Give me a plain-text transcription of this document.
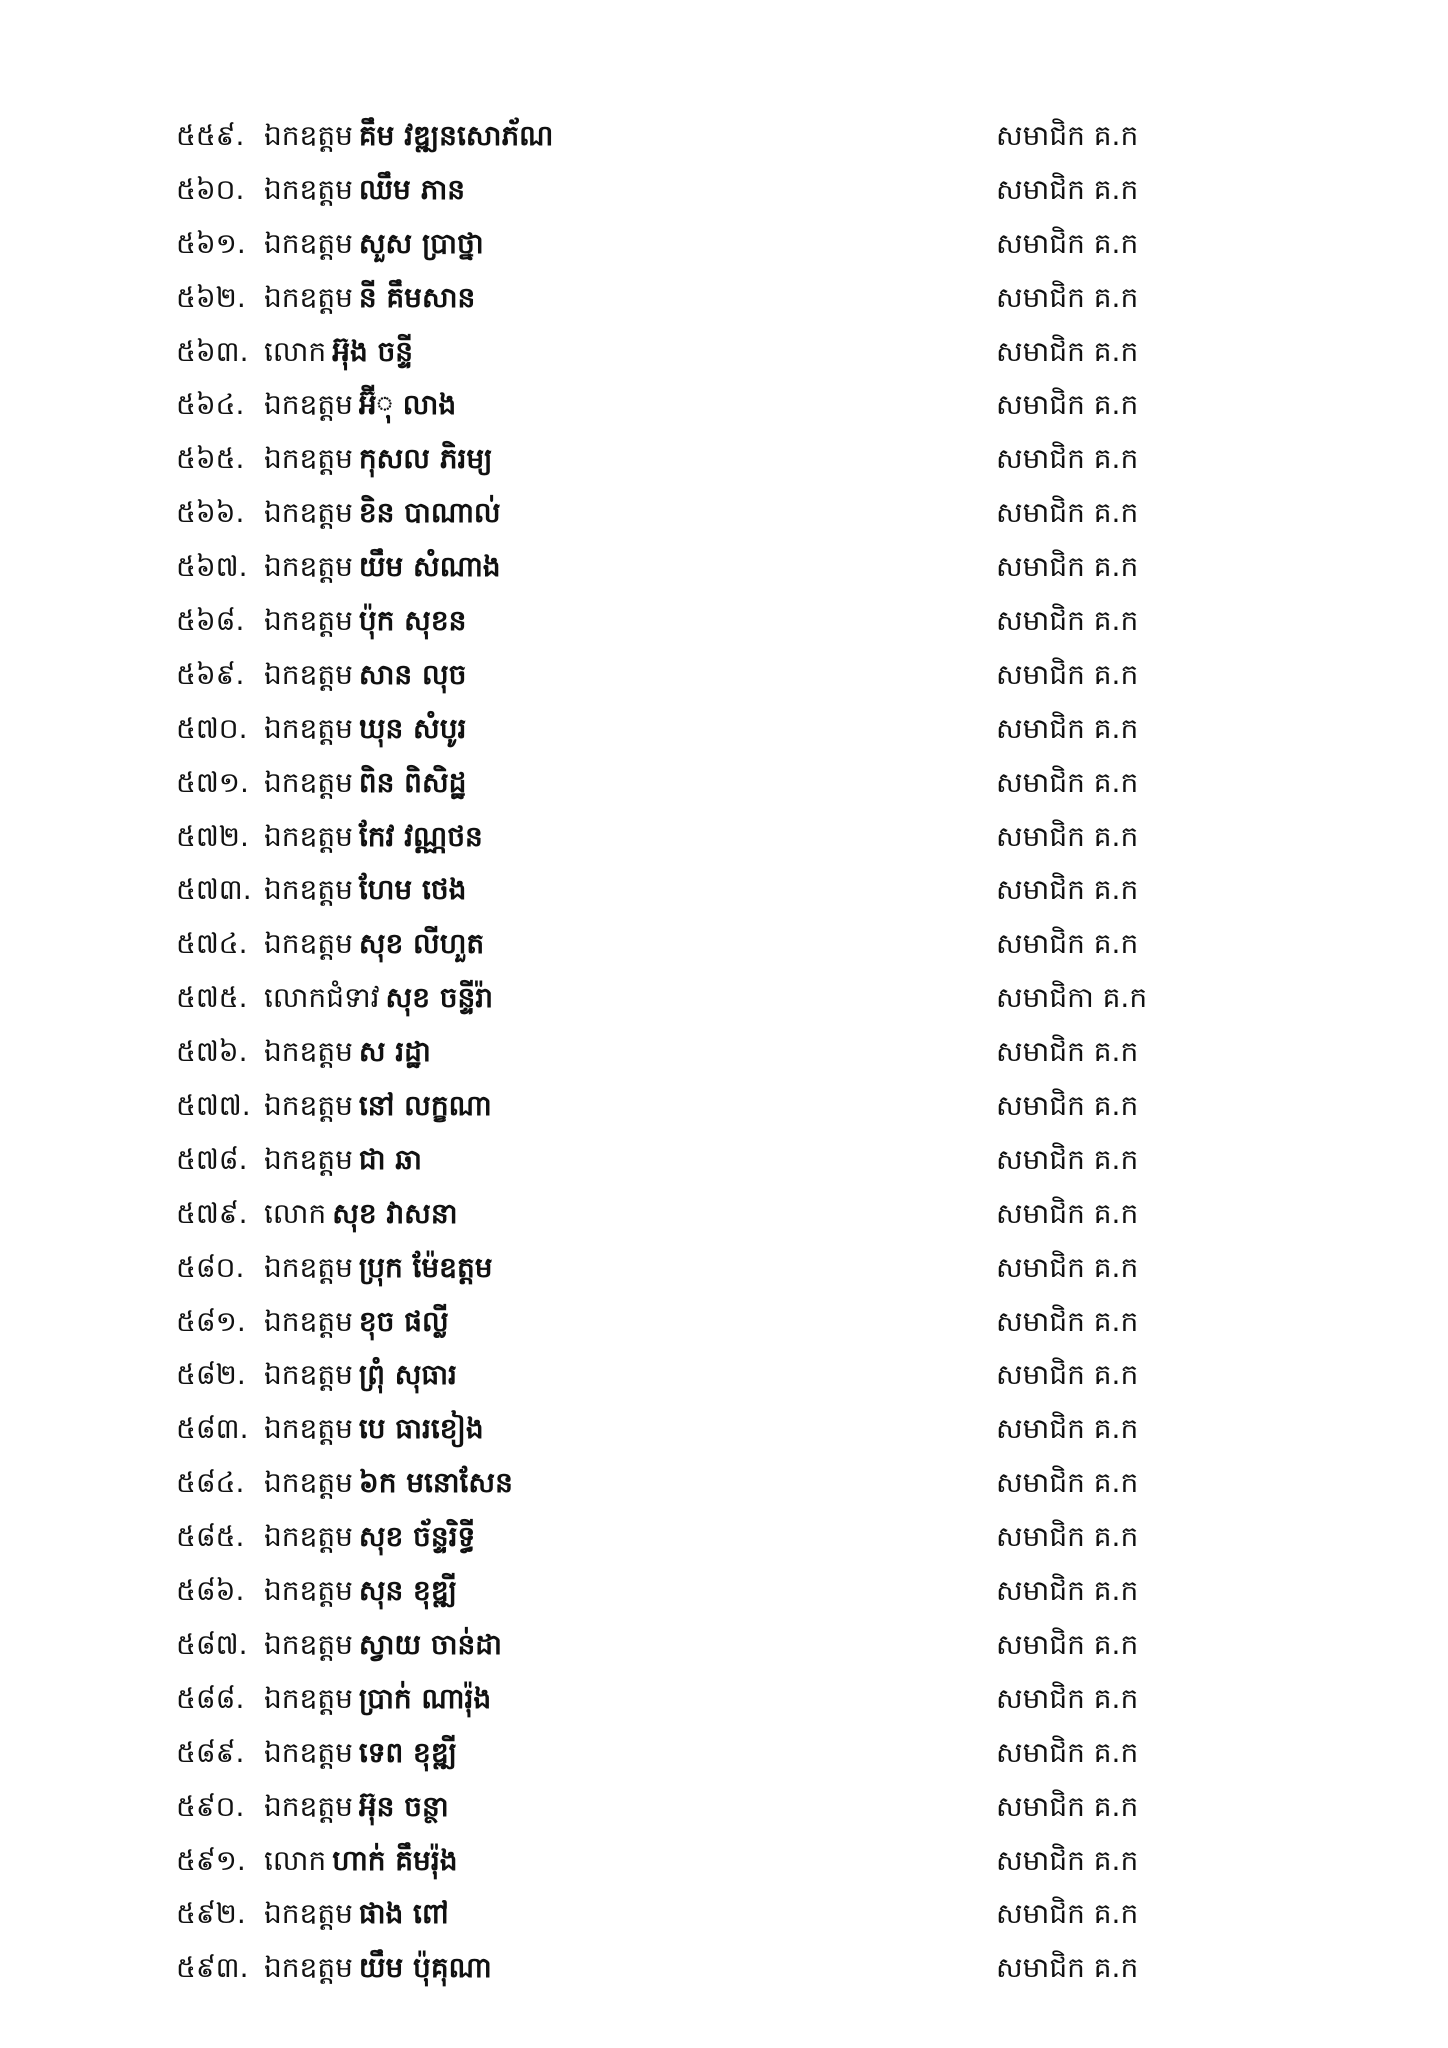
៥៥៩. ឯកឧត្តម គឹម វឌ្ឍនសោភ័ណ	សមាជិក គ.ក
៥៦០. ឯកឧត្តម ឈឹម ភាន	សមាជិក គ.ក
៥៦១. ឯកឧត្តម សួស ប្រាថ្នា	សមាជិក គ.ក
៥៦២. ឯកឧត្តម នី គឹមសាន	សមាជិក គ.ក
៥៦៣. លោក អ៊ុង ចន្ទី	សមាជិក គ.ក
៥៦៤. ឯកឧត្តម អ៊ីុ លាង	សមាជិក គ.ក
៥៦៥. ឯកឧត្តម កុសល ភិរម្យ	សមាជិក គ.ក
៥៦៦. ឯកឧត្តម ខិន បាណាល់	សមាជិក គ.ក
៥៦៧. ឯកឧត្តម យឹម សំណាង	សមាជិក គ.ក
៥៦៨. ឯកឧត្តម ប៉ុក សុខន	សមាជិក គ.ក
៥៦៩. ឯកឧត្តម សាន លុច	សមាជិក គ.ក
៥៧០. ឯកឧត្តម ឃុន សំបូរ	សមាជិក គ.ក
៥៧១. ឯកឧត្តម ពិន ពិសិដ្ឋ	សមាជិក គ.ក
៥៧២. ឯកឧត្តម កែវ វណ្ណថន	សមាជិក គ.ក
៥៧៣. ឯកឧត្តម ហែម ថេង	សមាជិក គ.ក
៥៧៤. ឯកឧត្តម សុខ លីហួត	សមាជិក គ.ក
៥៧៥. លោកជំទាវ សុខ ចន្ទីរ៉ា	សមាជិកា គ.ក
៥៧៦. ឯកឧត្តម ស រដ្ឋា	សមាជិក គ.ក
៥៧៧. ឯកឧត្តម នៅ លក្ខណា	សមាជិក គ.ក
៥៧៨. ឯកឧត្តម ជា ឆា	សមាជិក គ.ក
៥៧៩. លោក សុខ វាសនា	សមាជិក គ.ក
៥៨០. ឯកឧត្តម ប្រុក ម៉ែឧត្តម	សមាជិក គ.ក
៥៨១. ឯកឧត្តម ខុច ផល្លី	សមាជិក គ.ក
៥៨២. ឯកឧត្តម ព្រុំ សុធារ	សមាជិក គ.ក
៥៨៣. ឯកឧត្តម បេ ធារខៀង	សមាជិក គ.ក
៥៨៤. ឯកឧត្តម ៦ក មនោសែន	សមាជិក គ.ក
៥៨៥. ឯកឧត្តម សុខ ច័ន្ទរិទ្ធី	សមាជិក គ.ក
៥៨៦. ឯកឧត្តម សុន ខុឌ្ឍី	សមាជិក គ.ក
៥៨៧. ឯកឧត្តម ស្វាយ ចាន់ដា	សមាជិក គ.ក
៥៨៨. ឯកឧត្តម ប្រាក់ ណារ៉ុង	សមាជិក គ.ក
៥៨៩. ឯកឧត្តម ទេព ខុឌ្ឍី	សមាជិក គ.ក
៥៩០. ឯកឧត្តម អ៊ុន ចន្ថា	សមាជិក គ.ក
៥៩១. លោក ហាក់ គឹមរ៉ុង	សមាជិក គ.ក
៥៩២. ឯកឧត្តម ផាង ពៅ	សមាជិក គ.ក
៥៩៣. ឯកឧត្តម យឹម ប៉ុគុណា	សមាជិក គ.ក
